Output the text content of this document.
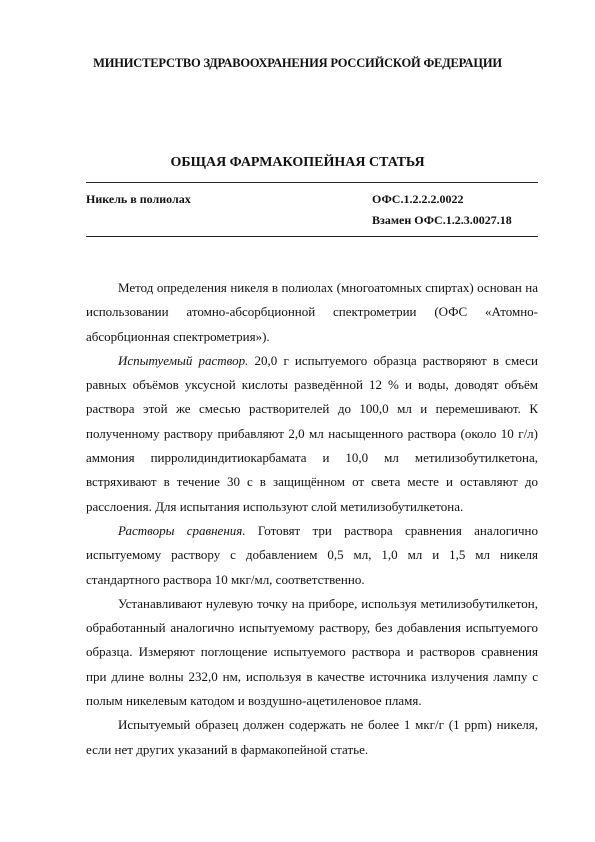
МИНИСТЕРСТВО ЗДРАВООХРАНЕНИЯ РОССИЙСКОЙ ФЕДЕРАЦИИ
ОБЩАЯ ФАРМАКОПЕЙНАЯ СТАТЬЯ
Никель в полиолах	ОФС.1.2.2.2.0022
Взамен ОФС.1.2.3.0027.18

Метод определения никеля в полиолах (многоатомных спиртах) основан на использовании атомно-абсорбционной спектрометрии (ОФС «Атомно-абсорбционная спектрометрия»).

Испытуемый раствор. 20,0 г испытуемого образца растворяют в смеси равных объёмов уксусной кислоты разведённой 12 % и воды, доводят объём раствора этой же смесью растворителей до 100,0 мл и перемешивают. К полученному раствору прибавляют 2,0 мл насыщенного раствора (около 10 г/л) аммония пирролидиндитиокарбамата и 10,0 мл метилизобутилкетона, встряхивают в течение 30 с в защищённом от света месте и оставляют до расслоения. Для испытания используют слой метилизобутилкетона.

Растворы сравнения. Готовят три раствора сравнения аналогично испытуемому раствору с добавлением 0,5 мл, 1,0 мл и 1,5 мл никеля стандартного раствора 10 мкг/мл, соответственно.

Устанавливают нулевую точку на приборе, используя метилизобутилкетон, обработанный аналогично испытуемому раствору, без добавления испытуемого образца. Измеряют поглощение испытуемого раствора и растворов сравнения при длине волны 232,0 нм, используя в качестве источника излучения лампу с полым никелевым катодом и воздушно-ацетиленовое пламя.

Испытуемый образец должен содержать не более 1 мкг/г (1 ppm) никеля, если нет других указаний в фармакопейной статье.
